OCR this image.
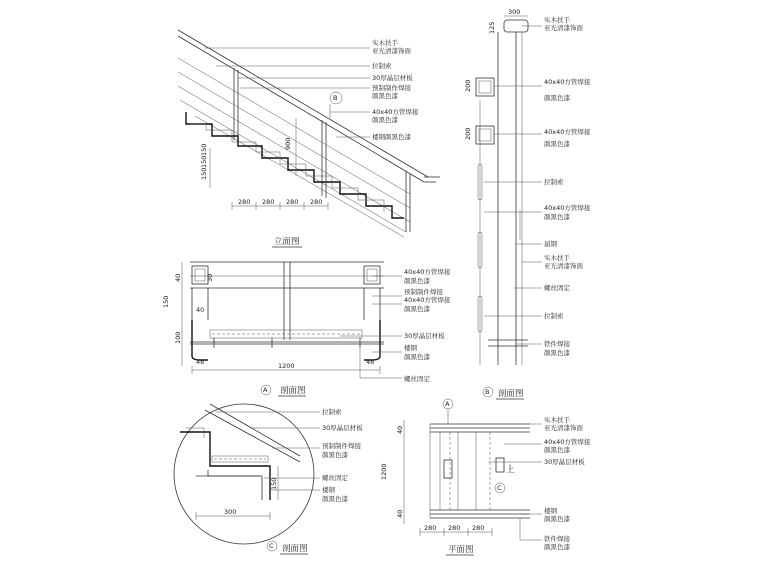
B
900
150
150
150
280 280 280 280
实木扶手
亚光清漆饰面
拉制索
30厚晶层材板
预制制作焊接
颜黑色漆
40x40方管焊接
颜黑色漆
楼钢颜黑色漆
立面图
40	30
150
40
100
48	48
1200
40x40方管焊接
颜黑色漆
预制制件焊接
40x40方管焊接
颜黑色漆
30厚晶层材板
楼钢
颜黑色漆
螺丝固定
A 剖面图
300
125
200
200
实木扶手
亚光清漆饰面
40x40方管焊接
颜黑色漆
40x40方管焊接
颜黑色漆
拉制索
40x40方管焊接
颜黑色漆
届钢
实木扶手
亚光清漆饰面
螺丝固定
拉制索
铁件焊接
颜黑色漆
B 剖面图
300
150
拉制索
30厚晶层材板
预制制件焊接
颜黑色漆
螺丝固定
楼钢
颜黑色漆
C 剖面图
A
C
上
40
1200
40
280 280 280
实木扶手
亚光清漆饰面
40x40方管焊接
颜黑色漆
30厚晶层材板
楼钢
颜黑色漆
铁件焊接
颜黑色漆
平面图
